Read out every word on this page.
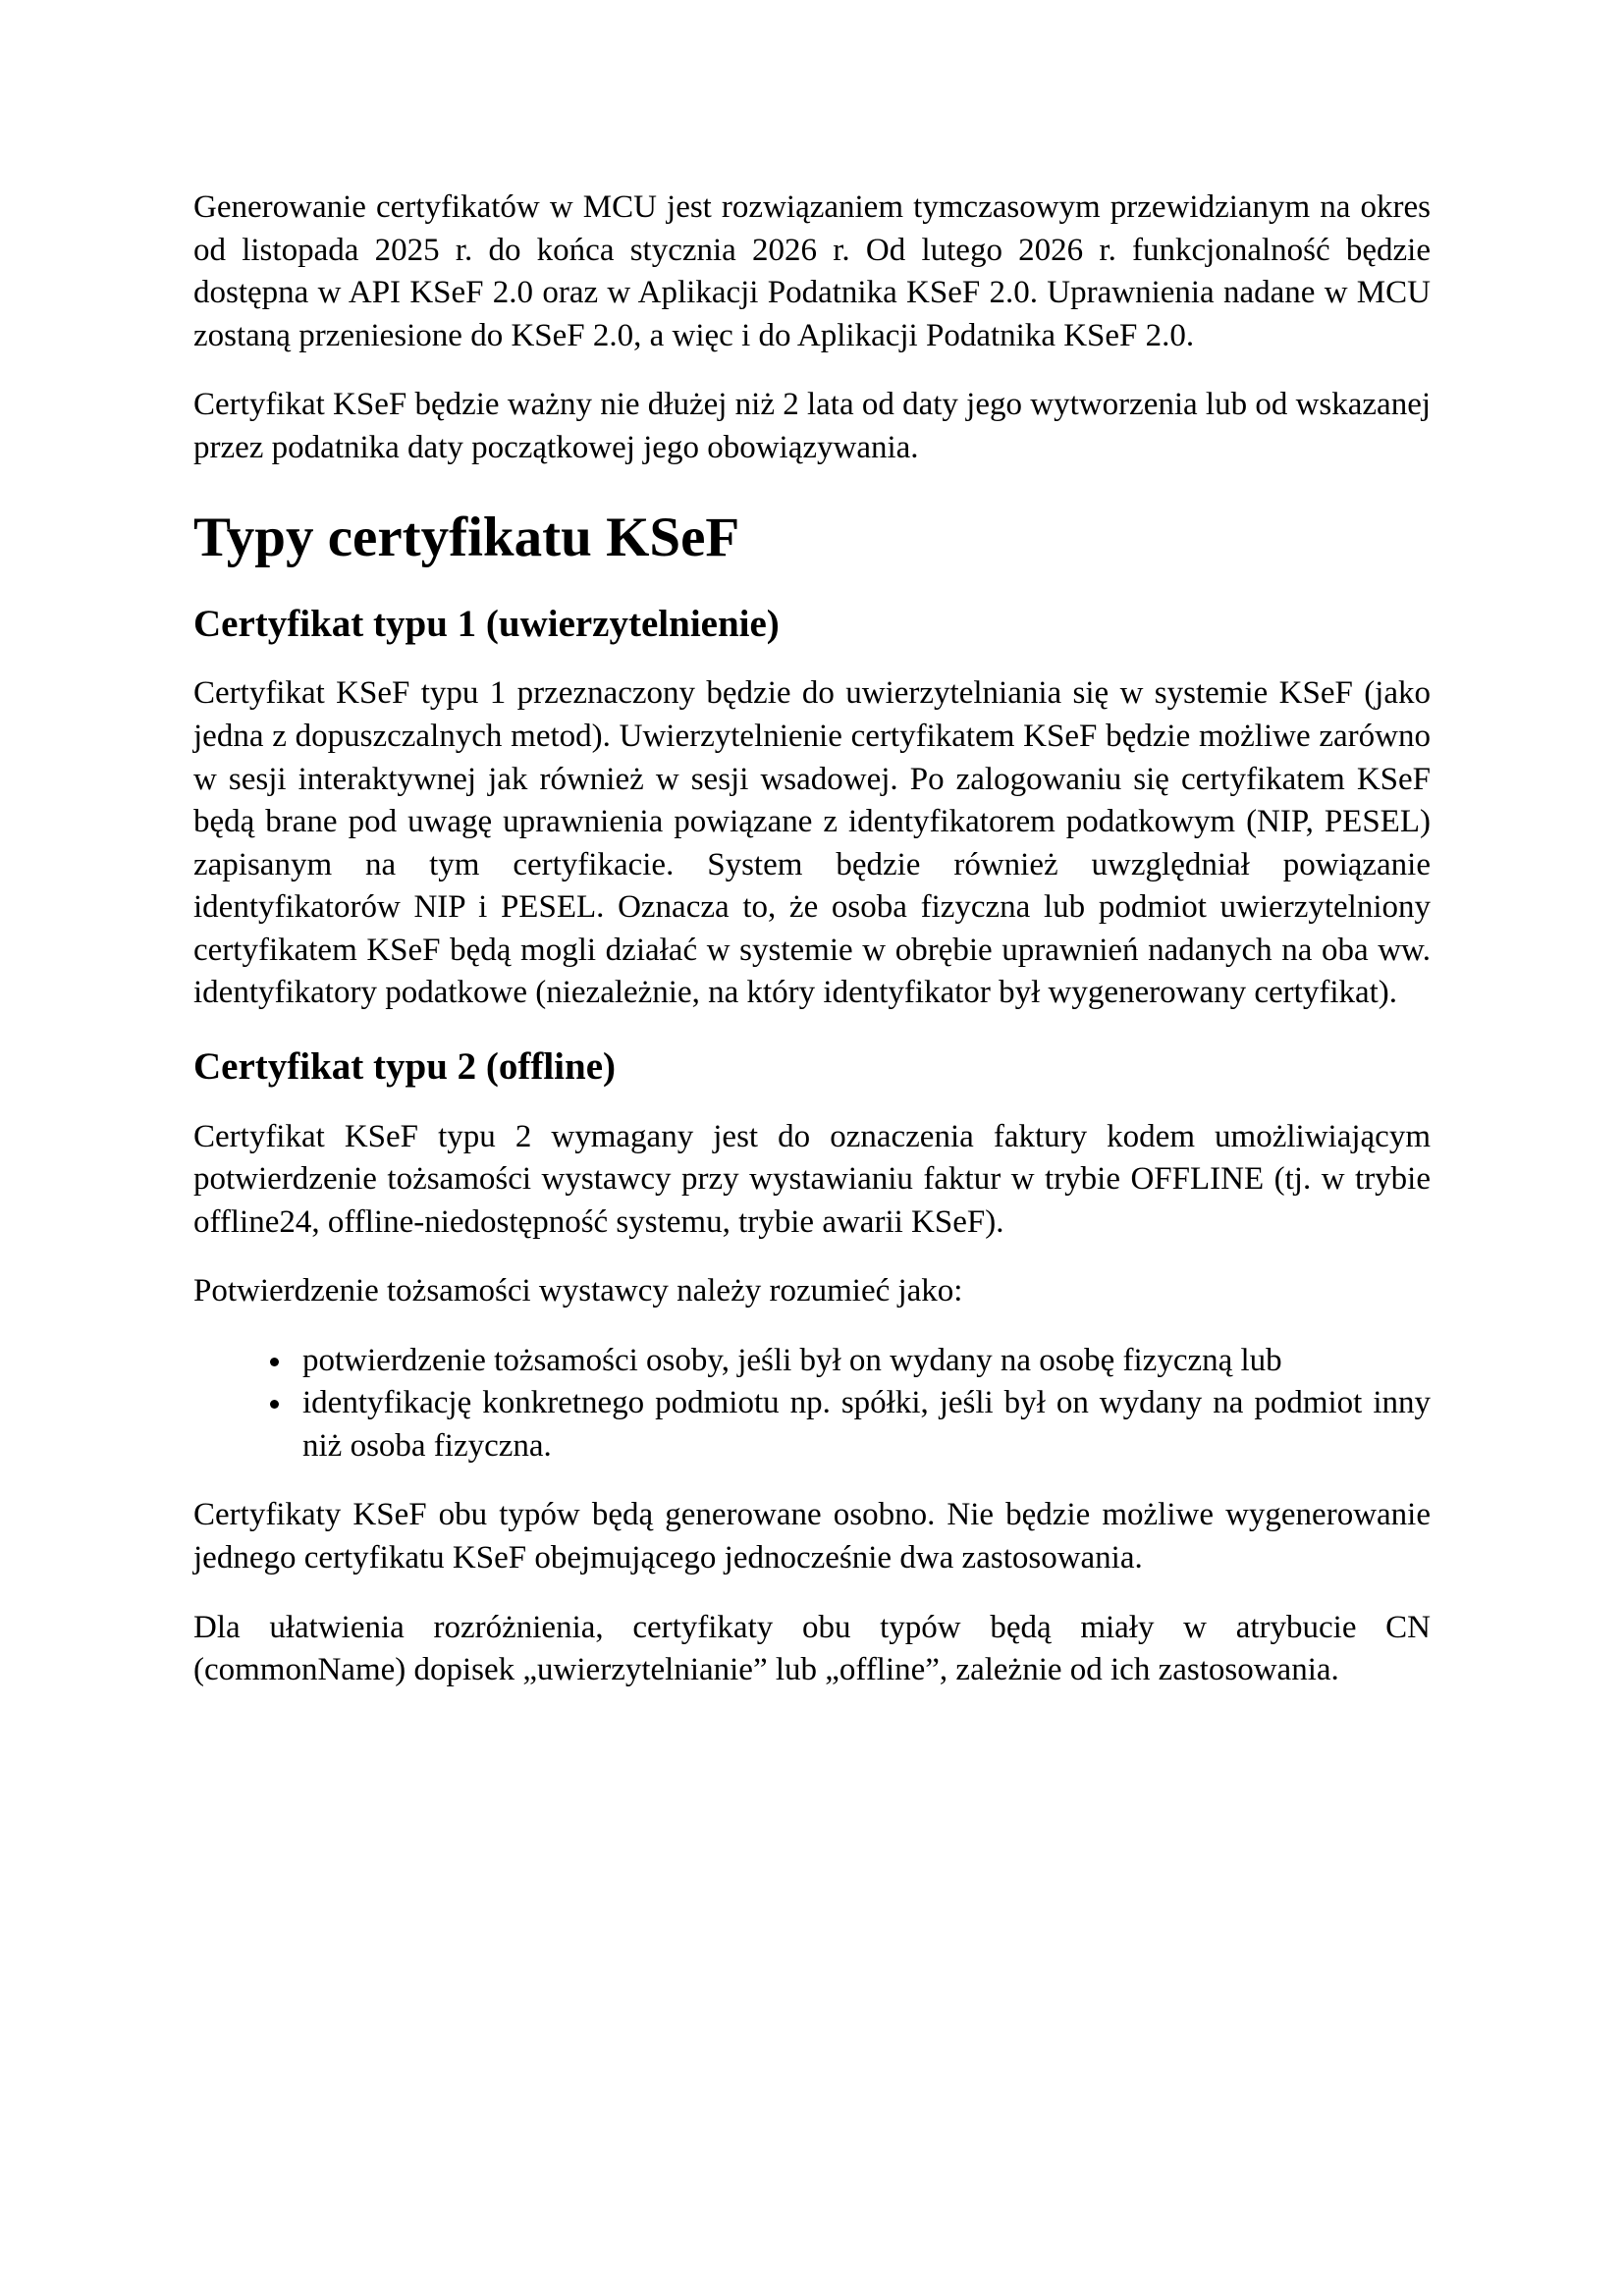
Generowanie certyfikatów w MCU jest rozwiązaniem tymczasowym przewidzianym na okres od listopada 2025 r. do końca stycznia 2026 r. Od lutego 2026 r. funkcjonalność będzie dostępna w API KSeF 2.0 oraz w Aplikacji Podatnika KSeF 2.0. Uprawnienia nadane w MCU zostaną przeniesione do KSeF 2.0, a więc i do Aplikacji Podatnika KSeF 2.0.

Certyfikat KSeF będzie ważny nie dłużej niż 2 lata od daty jego wytworzenia lub od wskazanej przez podatnika daty początkowej jego obowiązywania.

Typy certyfikatu KSeF
Certyfikat typu 1 (uwierzytelnienie)

Certyfikat KSeF typu 1 przeznaczony będzie do uwierzytelniania się w systemie KSeF (jako jedna z dopuszczalnych metod). Uwierzytelnienie certyfikatem KSeF będzie możliwe zarówno w sesji interaktywnej jak również w sesji wsadowej. Po zalogowaniu się certyfikatem KSeF będą brane pod uwagę uprawnienia powiązane z identyfikatorem podatkowym (NIP, PESEL) zapisanym na tym certyfikacie. System będzie również uwzględniał powiązanie identyfikatorów NIP i PESEL. Oznacza to, że osoba fizyczna lub podmiot uwierzytelniony certyfikatem KSeF będą mogli działać w systemie w obrębie uprawnień nadanych na oba ww. identyfikatory podatkowe (niezależnie, na który identyfikator był wygenerowany certyfikat).

Certyfikat typu 2 (offline)

Certyfikat KSeF typu 2 wymagany jest do oznaczenia faktury kodem umożliwiającym potwierdzenie tożsamości wystawcy przy wystawianiu faktur w trybie OFFLINE (tj. w trybie offline24, offline-niedostępność systemu, trybie awarii KSeF).

Potwierdzenie tożsamości wystawcy należy rozumieć jako:

• potwierdzenie tożsamości osoby, jeśli był on wydany na osobę fizyczną lub
• identyfikację konkretnego podmiotu np. spółki, jeśli był on wydany na podmiot inny niż osoba fizyczna.

Certyfikaty KSeF obu typów będą generowane osobno. Nie będzie możliwe wygenerowanie jednego certyfikatu KSeF obejmującego jednocześnie dwa zastosowania.

Dla ułatwienia rozróżnienia, certyfikaty obu typów będą miały w atrybucie CN (commonName) dopisek „uwierzytelnianie” lub „offline”, zależnie od ich zastosowania.
